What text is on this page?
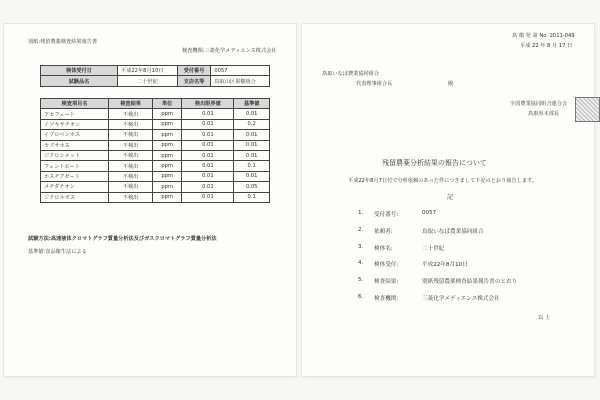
別紙:残留農薬検査結果報告書
検査機関:三菱化学メディエンス株式会社
検体受付日	平成22年8月10日	受付番号	0057
試験品名	二十世紀	支店名等	鳥取山区果樹組合
検査項目名	検査結果	単位	検出限界値	基準値
アセフェート	不検出	ppm	0.01	0.01
イソキサチオン	不検出	ppm	0.01	0.2
イプロベンホス	不検出	ppm	0.01	0.01
カズサホス	不検出	ppm	0.01	0.01
ジクロシメット	不検出	ppm	0.01	0.01
フェントエート	不検出	ppm	0.01	0.1
ホスチアゼート	不検出	ppm	0.01	0.01
メチダチオン	不検出	ppm	0.01	0.05
ジクロルボス	不検出	ppm	0.01	0.1
試験方法:高速液体クロマトグラフ質量分析法及びガスクロマトグラフ質量分析法
基準値:食品衛生法による
鳥 衛 発 第 No. 2011-049
平成 22 年 8 月 17 日
鳥取いなば農業協同組合
代表理事組合長	殿
全国農業協同組合連合会
鳥取県本部長
残留農薬分析結果の報告について
平成22年8月7日付で分析依頼のあった件につきまして下記のとおり報告します。
記
1. 受付番号:	0057
2. 依頼者:	鳥取いなば農業協同組合
3. 検体名:	二十世紀
4. 検体受付:	平成22年8月10日
5. 検査結果:	別紙残留農薬検査結果報告書のとおり
6. 検査機関:	三菱化学メディエンス株式会社
以 上
